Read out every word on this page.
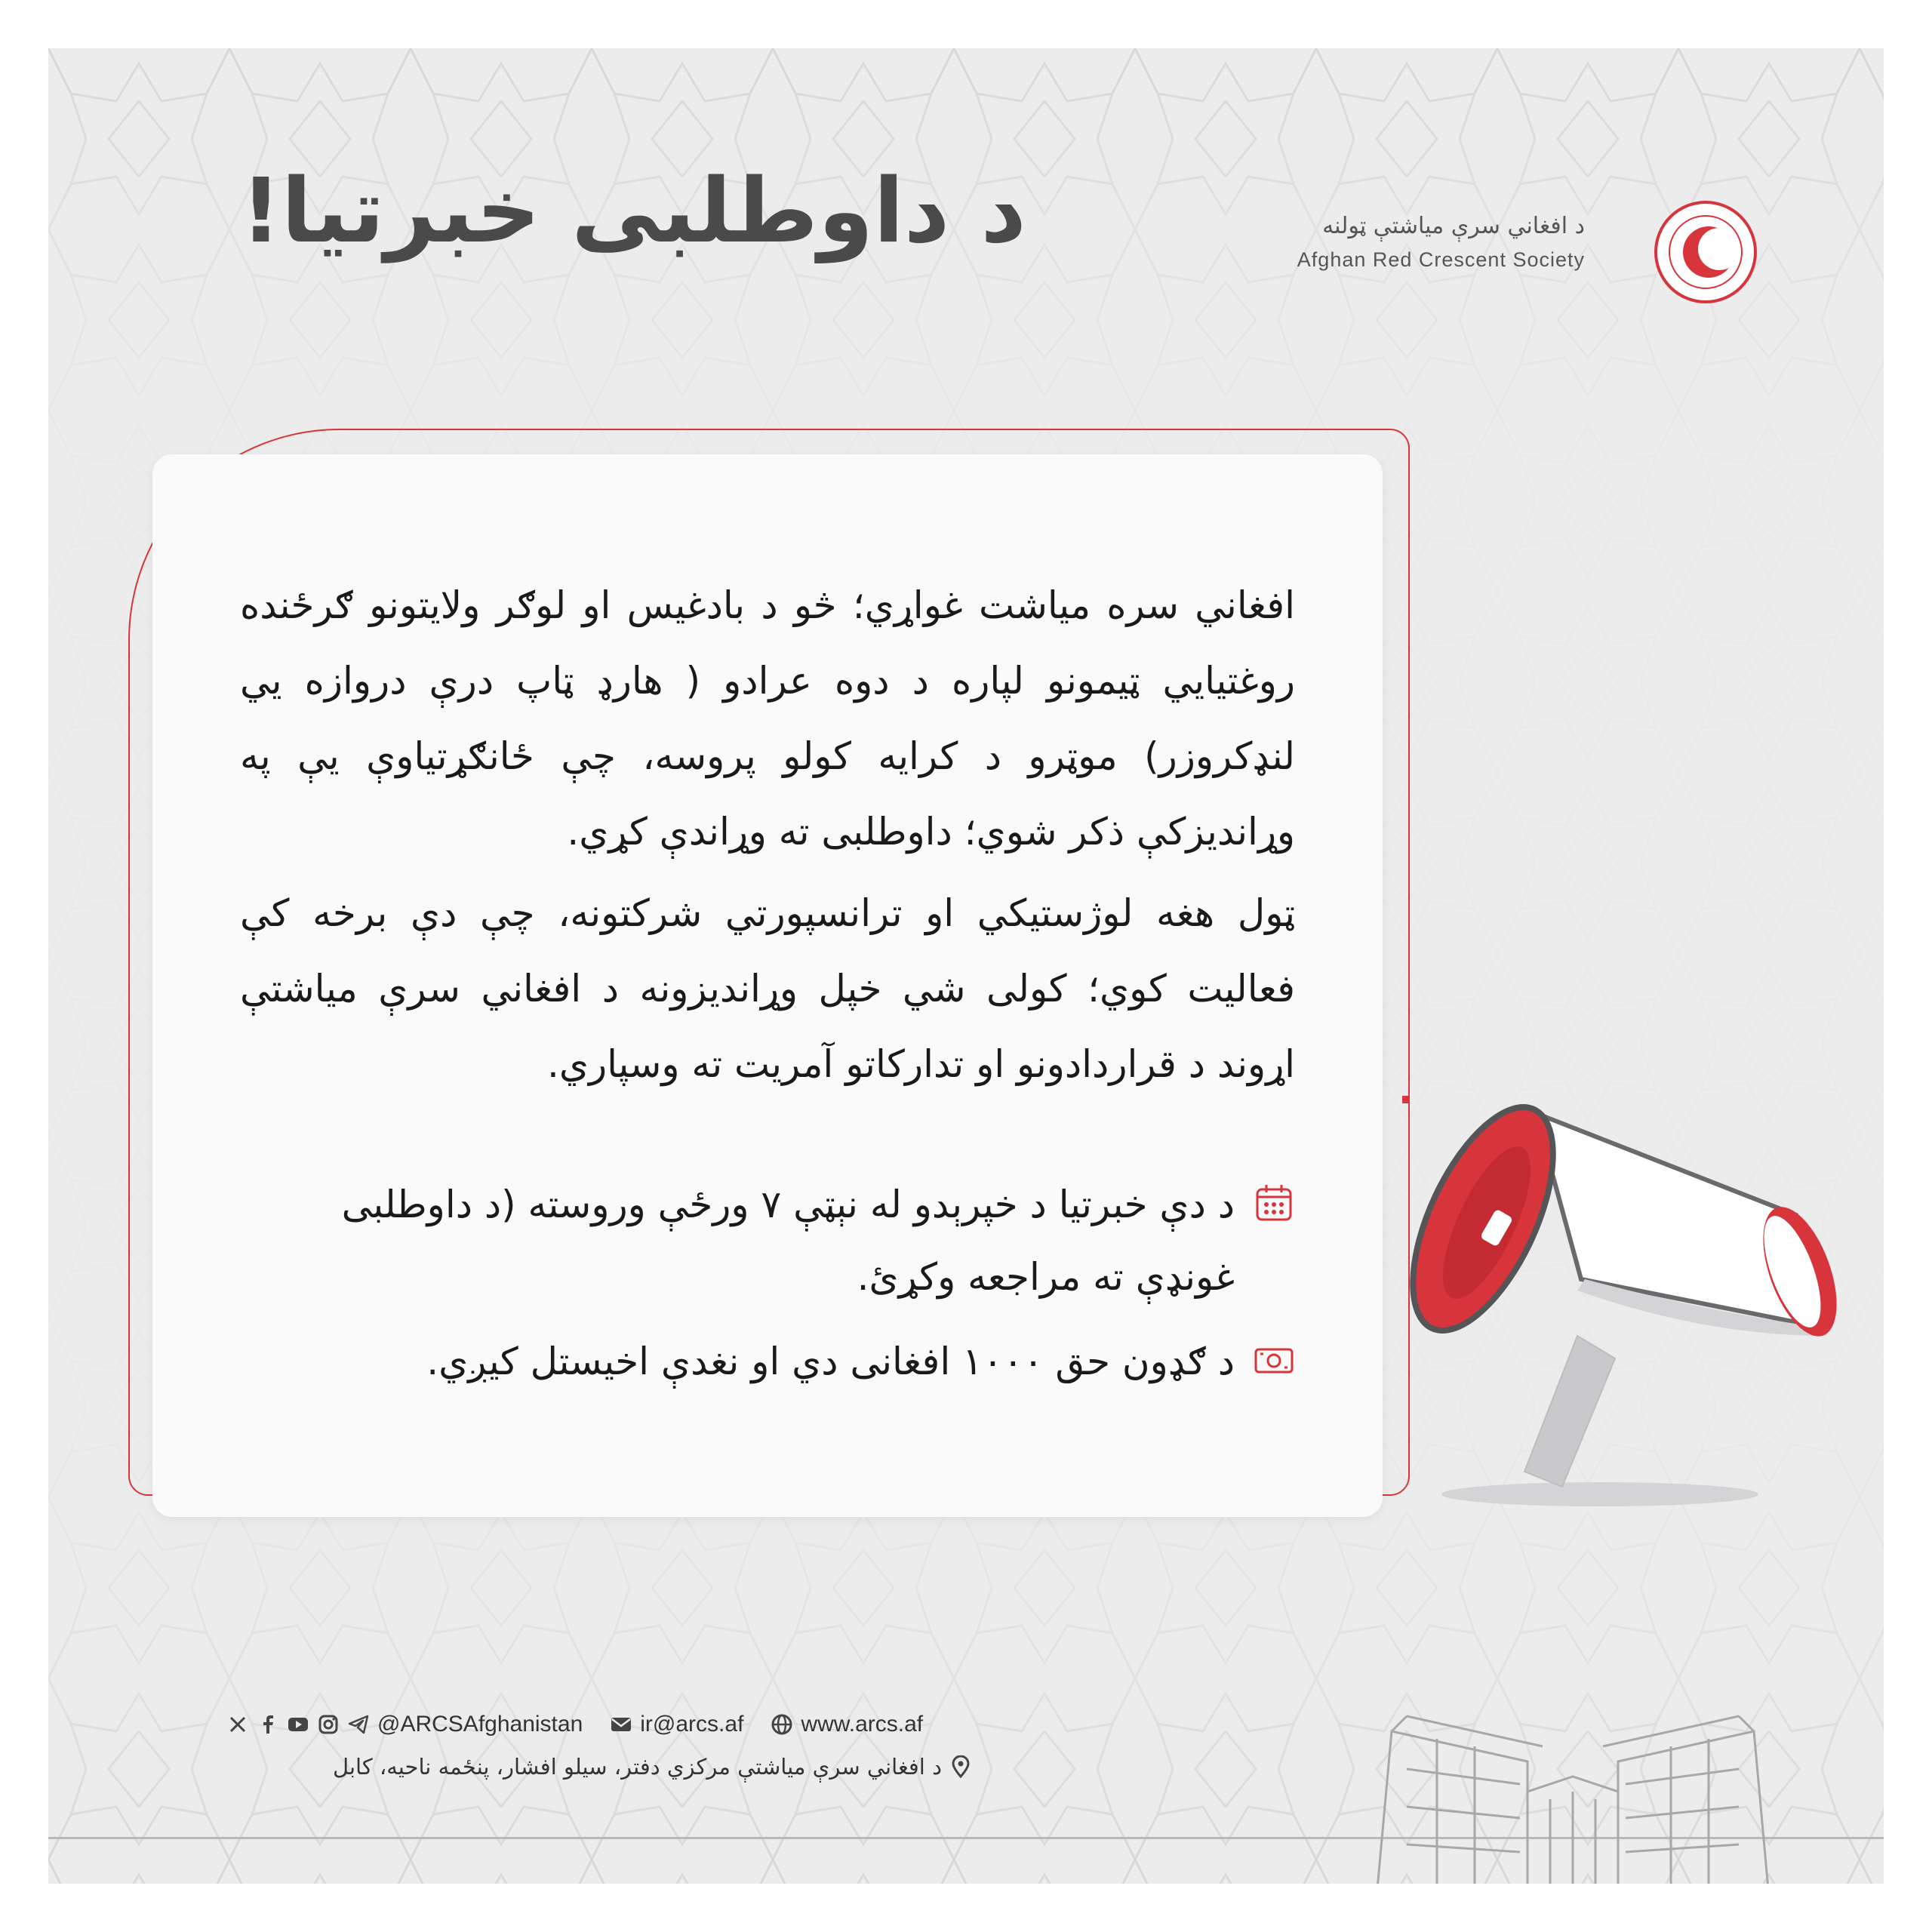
د داوطلبی خبرتیا!	د افغاني سرې میاشتې ټولنه
Afghan Red Crescent Society

افغاني سره میاشت غواړي؛ څو د بادغیس او لوګر ولایتونو ګرځنده روغتیایي ټیمونو لپاره د دوه عرادو ( هارډ ټاپ درې دروازه یي لنډکروزر) موټرو د کرایه کولو پروسه، چې ځانګړتیاوې یې په وړاندیزکې ذکر شوي؛ داوطلبی ته وړاندې کړي.

ټول هغه لوژستیکي او ترانسپورتي شرکتونه، چې دې برخه کې فعالیت کوي؛ کولی شي خپل وړاندیزونه د افغاني سرې میاشتې اړوند د قراردادونو او تدارکاتو آمریت ته وسپاري.

د دې خبرتیا د خپرېدو له نېټې ۷ ورځې وروسته (د داوطلبی غونډې ته مراجعه وکړئ.
د ګډون حق ۱۰۰۰ افغانی دي او نغدې اخیستل کیږي.
@ARCSAfghanistan	ir@arcs.af	www.arcs.af
د افغاني سرې میاشتې مرکزي دفتر، سیلو افشار، پنځمه ناحیه، کابل
